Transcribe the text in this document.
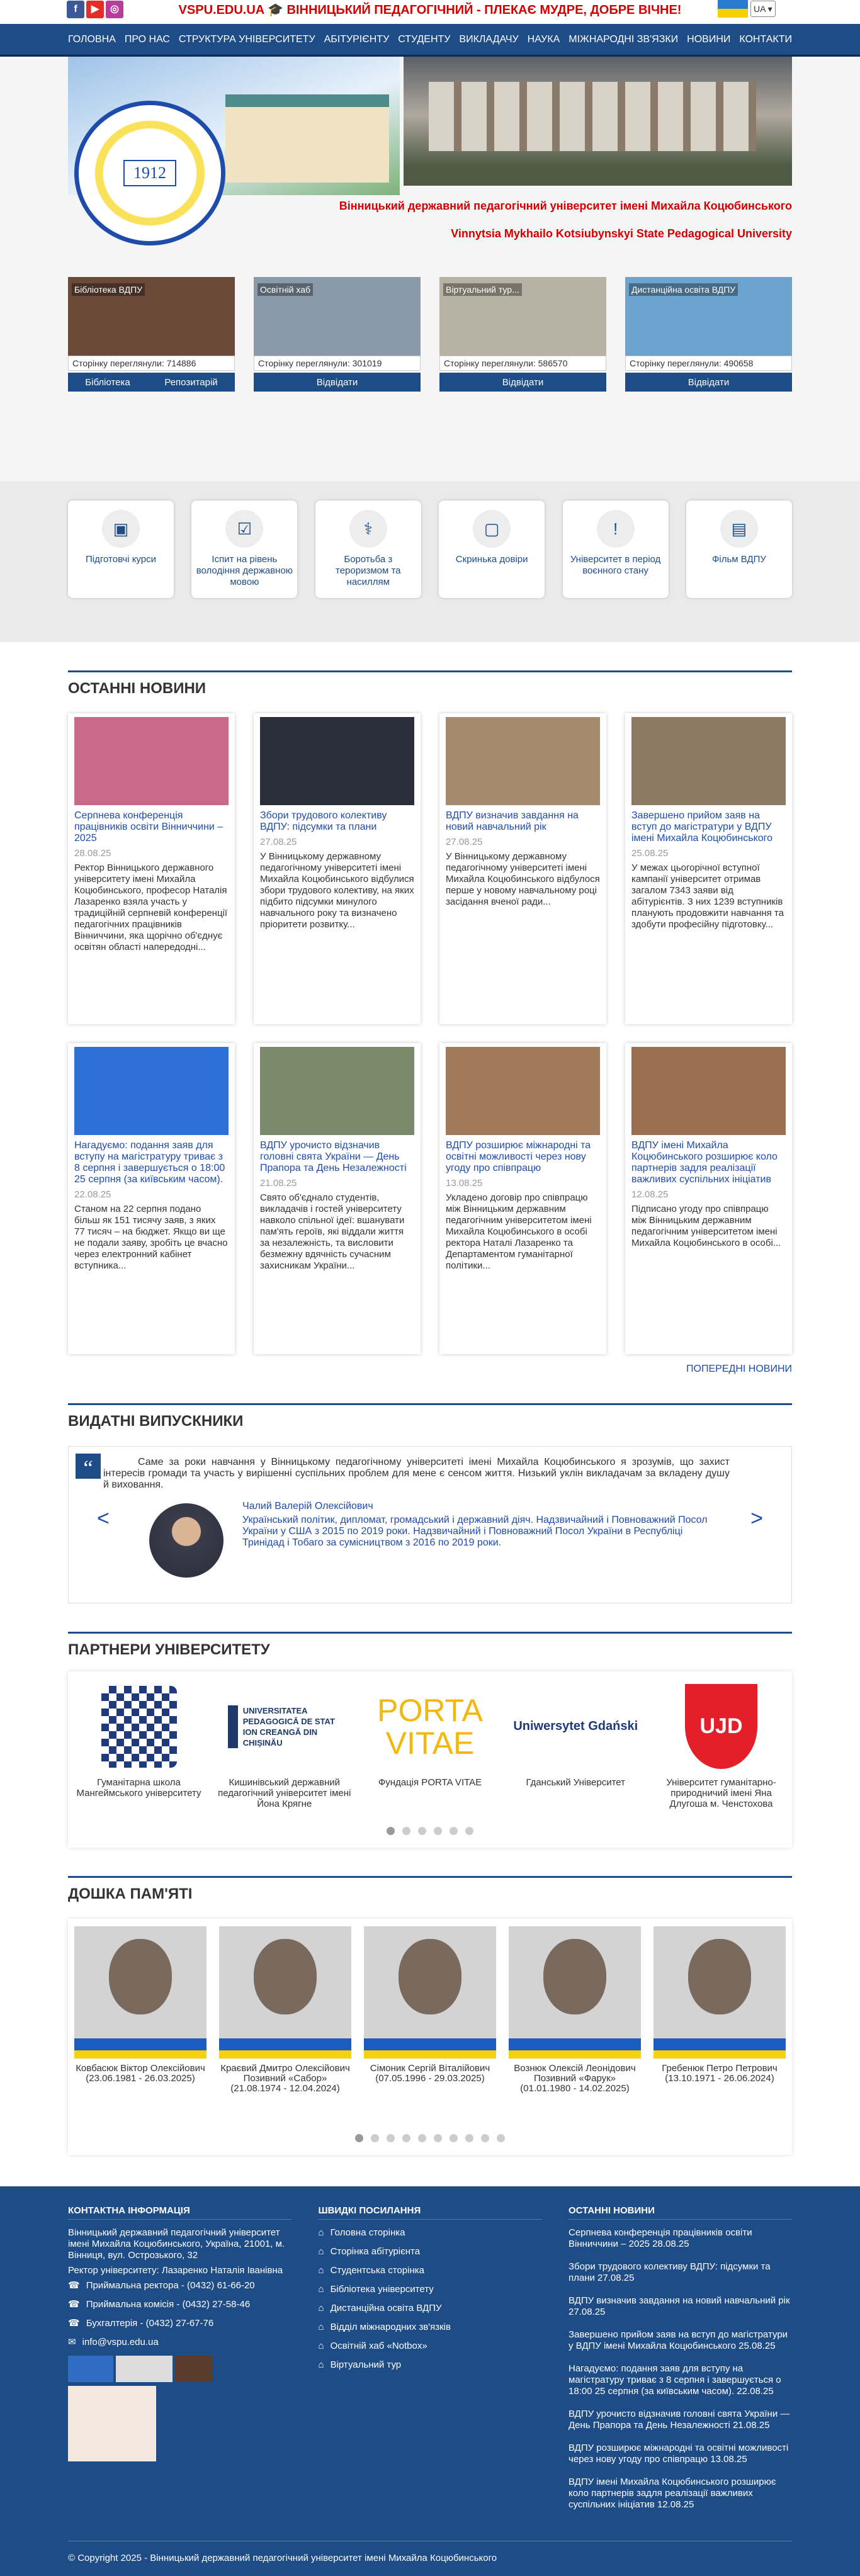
f	▶	◎	VSPU.EDU.UA 🎓 ВІННИЦЬКИЙ ПЕДАГОГІЧНИЙ - ПЛЕКАЄ МУДРЕ, ДОБРЕ ВІЧНЕ!	UA ▾
ГОЛОВНА ПРО НАС СТРУКТУРА УНІВЕРСИТЕТУ АБІТУРІЄНТУ СТУДЕНТУ ВИКЛАДАЧУ НАУКА МІЖНАРОДНІ ЗВ'ЯЗКИ НОВИНИ КОНТАКТИ
1912
Вінницький державний педагогічний університет імені Михайла Коцюбинського
Vinnytsia Mykhailo Kotsiubynskyi State Pedagogical University
Бібліотека ВДПУ
Сторінку переглянули: 714886
Бібліотека	Репозитарій
Освітній хаб
Сторінку переглянули: 301019
Відвідати
Віртуальний тур...
Сторінку переглянули: 586570
Відвідати
Дистанційна освіта ВДПУ
Сторінку переглянули: 490658
Відвідати
▣
Підготовчі курси
☑
Іспит на рівень володіння державною мовою
⚕
Боротьба з тероризмом та насиллям
▢
Скринька довіри
!
Університет в період воєнного стану
▤
Фільм ВДПУ
ОСТАННІ НОВИНИ
Серпнева конференція працівників освіти Вінниччини – 2025
28.08.25
Ректор Вінницького державного університету імені Михайла Коцюбинського, професор Наталія Лазаренко взяла участь у традиційній серпневій конференції педагогічних працівників Вінниччини, яка щорічно об'єднує освітян області напередодні...
Збори трудового колективу ВДПУ: підсумки та плани
27.08.25
У Вінницькому державному педагогічному університеті імені Михайла Коцюбинського відбулися збори трудового колективу, на яких підбито підсумки минулого навчального року та визначено пріоритети розвитку...
ВДПУ визначив завдання на новий навчальний рік
27.08.25
У Вінницькому державному педагогічному університеті імені Михайла Коцюбинського відбулося перше у новому навчальному році засідання вченої ради...
Завершено прийом заяв на вступ до магістратури у ВДПУ імені Михайла Коцюбинського
25.08.25
У межах цьогорічної вступної кампанії університет отримав загалом 7343 заяви від абітурієнтів. З них 1239 вступників планують продовжити навчання та здобути професійну підготовку...
Нагадуємо: подання заяв для вступу на магістратуру триває з 8 серпня і завершується о 18:00 25 серпня (за київським часом).
22.08.25
Станом на 22 серпня подано більш як 151 тисячу заяв, з яких 77 тисяч – на бюджет. Якщо ви ще не подали заяву, зробіть це вчасно через електронний кабінет вступника...
ВДПУ урочисто відзначив головні свята України — День Прапора та День Незалежності
21.08.25
Свято об'єднало студентів, викладачів і гостей університету навколо спільної ідеї: вшанувати пам'ять героїв, які віддали життя за незалежність, та висловити безмежну вдячність сучасним захисникам України...
ВДПУ розширює міжнародні та освітні можливості через нову угоду про співпрацю
13.08.25
Укладено договір про співпрацю між Вінницьким державним педагогічним університетом імені Михайла Коцюбинського в особі ректора Наталі Лазаренко та Департаментом гуманітарної політики...
ВДПУ імені Михайла Коцюбинського розширює коло партнерів задля реалізації важливих суспільних ініціатив
12.08.25
Підписано угоду про співпрацю між Вінницьким державним педагогічним університетом імені Михайла Коцюбинського в особі...
ПОПЕРЕДНІ НОВИНИ
ВИДАТНІ ВИПУСКНИКИ
“	Саме за роки навчання у Вінницькому педагогічному університеті імені Михайла Коцюбинського я зрозумів, що захист інтересів громади та участь у вирішенні суспільних проблем для мене є сенсом життя. Низький уклін викладачам за вкладену душу й виховання.
<	>
Чалий Валерій Олексійович
Український політик, дипломат, громадський і державний діяч. Надзвичайний і Повноважний Посол України у США з 2015 по 2019 роки. Надзвичайний і Повноважний Посол України в Республіці Тринідад і Тобаго за сумісництвом з 2016 по 2019 роки.
ПАРТНЕРИ УНІВЕРСИТЕТУ
Гуманітарна школа Мангеймського університету
UNIVERSITATEA PEDAGOGICĂ DE STAT ION CREANGĂ DIN CHIȘINĂU
Кишинівський державний педагогічний університет імені Йона Крягне
PORTA VITAE
Фундація PORTA VITAE
Uniwersytet Gdański
Гданський Університет
UJD
Університет гуманітарно-природничий імені Яна Длугоша м. Ченстохова
ДОШКА ПАМ'ЯТІ
Ковбасюк Віктор Олексійович
(23.06.1981 - 26.03.2025)
Краєвий Дмитро Олексійович
Позивний «Сабор» (21.08.1974 - 12.04.2024)
Сімоник Сергій Віталійович
(07.05.1996 - 29.03.2025)
Вознюк Олексій Леонідович
Позивний «Фарук» (01.01.1980 - 14.02.2025)
Гребенюк Петро Петрович
(13.10.1971 - 26.06.2024)
КОНТАКТНА ІНФОРМАЦІЯ

Вінницький державний педагогічний університет імені Михайла Коцюбинського, Україна, 21001, м. Вінниця, вул. Острозького, 32

Ректор університету: Лазаренко Наталія Іванівна

☎ Приймальна ректора - (0432) 61-66-20
☎ Приймальна комісія - (0432) 27-58-46
☎ Бухгалтерія - (0432) 27-67-76
✉ info@vspu.edu.ua
ШВИДКІ ПОСИЛАННЯ
⌂ Головна сторінка
⌂ Сторінка абітурієнта
⌂ Студентська сторінка
⌂ Бібліотека університету
⌂ Дистанційна освіта ВДПУ
⌂ Відділ міжнародних зв'язків
⌂ Освітній хаб «Notbox»
⌂ Віртуальний тур
ОСТАННІ НОВИНИ
Серпнева конференція працівників освіти Вінниччини – 2025 28.08.25
Збори трудового колективу ВДПУ: підсумки та плани 27.08.25
ВДПУ визначив завдання на новий навчальний рік 27.08.25
Завершено прийом заяв на вступ до магістратури у ВДПУ імені Михайла Коцюбинського 25.08.25
Нагадуємо: подання заяв для вступу на магістратуру триває з 8 серпня і завершується о 18:00 25 серпня (за київським часом). 22.08.25
ВДПУ урочисто відзначив головні свята України — День Прапора та День Незалежності 21.08.25
ВДПУ розширює міжнародні та освітні можливості через нову угоду про співпрацю 13.08.25
ВДПУ імені Михайла Коцюбинського розширює коло партнерів задля реалізації важливих суспільних ініціатив 12.08.25
© Copyright 2025 - Вінницький державний педагогічний університет імені Михайла Коцюбинського
